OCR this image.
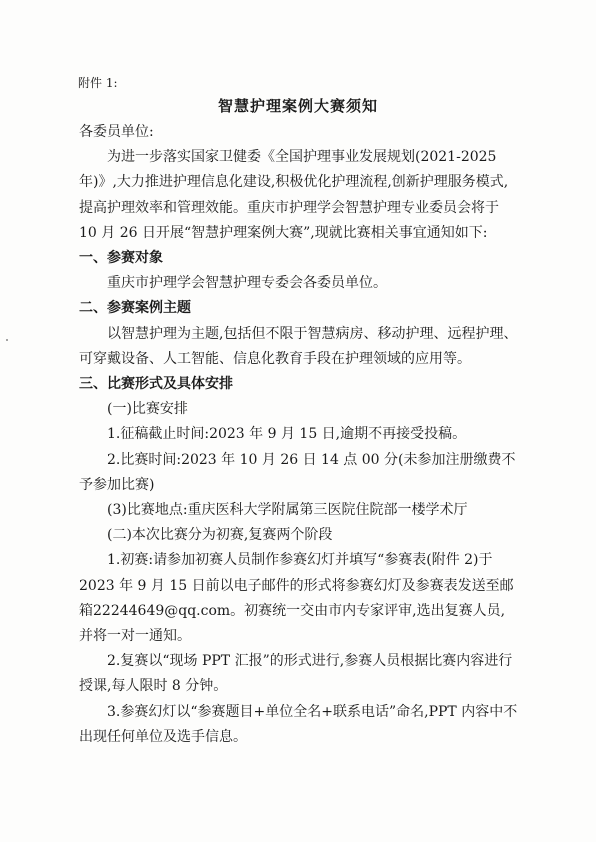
附件 1:
智慧护理案例大赛须知

各委员单位:

为进一步落实国家卫健委《全国护理事业发展规划(2021-2025年)》,大力推进护理信息化建设,积极优化护理流程,创新护理服务模式,提高护理效率和管理效能。重庆市护理学会智慧护理专业委员会将于 10 月 26 日开展“智慧护理案例大赛”,现就比赛相关事宜通知如下:

一、参赛对象

重庆市护理学会智慧护理专委会各委员单位。

二、参赛案例主题

以智慧护理为主题,包括但不限于智慧病房、移动护理、远程护理、可穿戴设备、人工智能、信息化教育手段在护理领域的应用等。

三、比赛形式及具体安排

(一)比赛安排

1.征稿截止时间:2023 年 9 月 15 日,逾期不再接受投稿。

2.比赛时间:2023 年 10 月 26 日 14 点 00 分(未参加注册缴费不予参加比赛)

(3)比赛地点:重庆医科大学附属第三医院住院部一楼学术厅

(二)本次比赛分为初赛,复赛两个阶段

1.初赛:请参加初赛人员制作参赛幻灯并填写“参赛表(附件 2)于2023 年 9 月 15 日前以电子邮件的形式将参赛幻灯及参赛表发送至邮箱22244649@qq.com。初赛统一交由市内专家评审,选出复赛人员,并将一对一通知。

2.复赛以“现场 PPT 汇报”的形式进行,参赛人员根据比赛内容进行授课,每人限时 8 分钟。

3.参赛幻灯以“参赛题目+单位全名+联系电话”命名,PPT 内容中不出现任何单位及选手信息。
